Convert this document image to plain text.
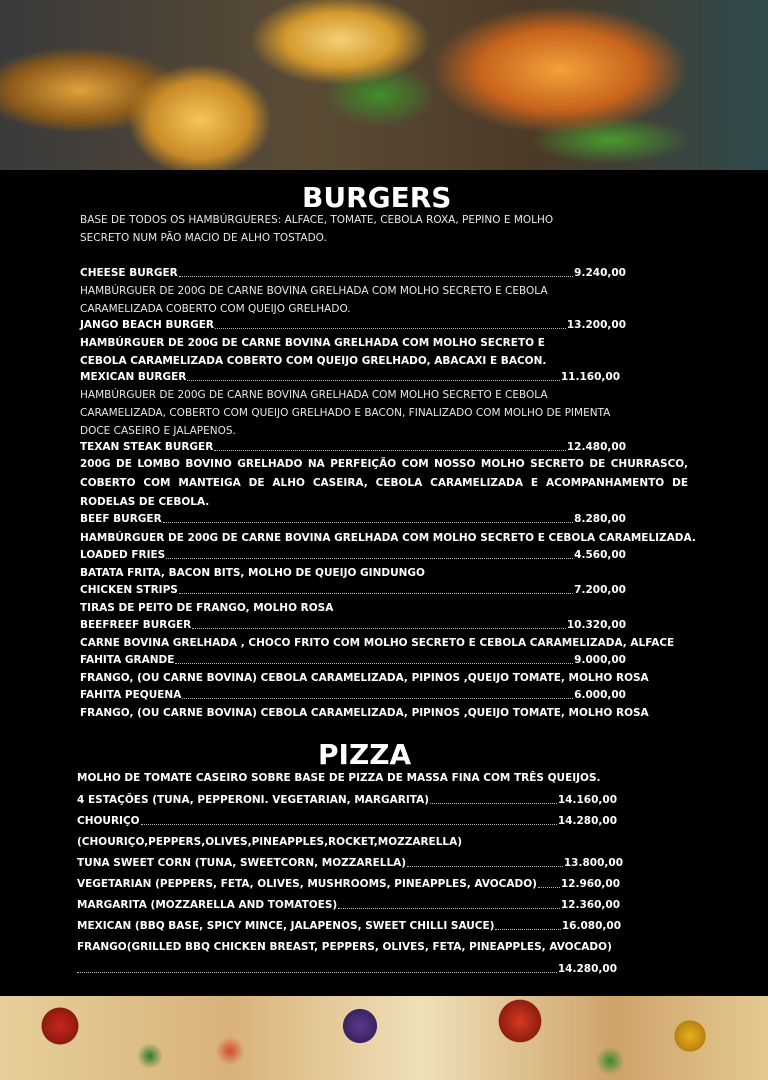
BURGERS
BASE DE TODOS OS HAMBÚRGUERES: ALFACE, TOMATE, CEBOLA ROXA, PEPINO E MOLHO SECRETO NUM PÃO MACIO DE ALHO TOSTADO.
CHEESE BURGER	9.240,00
HAMBÚRGUER DE 200G DE CARNE BOVINA GRELHADA COM MOLHO SECRETO E CEBOLA CARAMELIZADA COBERTO COM QUEIJO GRELHADO.
JANGO BEACH BURGER	13.200,00
HAMBÚRGUER DE 200G DE CARNE BOVINA GRELHADA COM MOLHO SECRETO E CEBOLA CARAMELIZADA COBERTO COM QUEIJO GRELHADO, ABACAXI E BACON.
MEXICAN BURGER	11.160,00
HAMBÚRGUER DE 200G DE CARNE BOVINA GRELHADA COM MOLHO SECRETO E CEBOLA CARAMELIZADA, COBERTO COM QUEIJO GRELHADO E BACON, FINALIZADO COM MOLHO DE PIMENTA DOCE CASEIRO E JALAPENOS.
TEXAN STEAK BURGER	12.480,00
200G DE LOMBO BOVINO GRELHADO NA PERFEIÇÃO COM NOSSO MOLHO SECRETO DE CHURRASCO, COBERTO COM MANTEIGA DE ALHO CASEIRA, CEBOLA CARAMELIZADA E ACOMPANHAMENTO DE RODELAS DE CEBOLA.
BEEF BURGER	8.280,00
HAMBÚRGUER DE 200G DE CARNE BOVINA GRELHADA COM MOLHO SECRETO E CEBOLA CARAMELIZADA.
LOADED FRIES	4.560,00
BATATA FRITA, BACON BITS, MOLHO DE QUEIJO GINDUNGO
CHICKEN STRIPS	7.200,00
TIRAS DE PEITO DE FRANGO, MOLHO ROSA
BEEFREEF BURGER	10.320,00
CARNE BOVINA GRELHADA , CHOCO FRITO COM MOLHO SECRETO E CEBOLA CARAMELIZADA, ALFACE
FAHITA GRANDE	9.000,00
FRANGO, (OU CARNE BOVINA) CEBOLA CARAMELIZADA, PIPINOS ,QUEIJO TOMATE, MOLHO ROSA
FAHITA PEQUENA	6.000,00
FRANGO, (OU CARNE BOVINA) CEBOLA CARAMELIZADA, PIPINOS ,QUEIJO TOMATE, MOLHO ROSA
PIZZA
MOLHO DE TOMATE CASEIRO SOBRE BASE DE PIZZA DE MASSA FINA COM TRÊS QUEIJOS.
4 ESTAÇÕES (TUNA, PEPPERONI. VEGETARIAN, MARGARITA)	14.160,00
CHOURIÇO	14.280,00
(CHOURIÇO,PEPPERS,OLIVES,PINEAPPLES,ROCKET,MOZZARELLA)
TUNA SWEET CORN (TUNA, SWEETCORN, MOZZARELLA)	13.800,00
VEGETARIAN (PEPPERS, FETA, OLIVES, MUSHROOMS, PINEAPPLES, AVOCADO) 12.960,00
MARGARITA (MOZZARELLA AND TOMATOES)	12.360,00
MEXICAN (BBQ BASE, SPICY MINCE, JALAPENOS, SWEET CHILLI SAUCE)	16.080,00
FRANGO(GRILLED BBQ CHICKEN BREAST, PEPPERS, OLIVES, FETA, PINEAPPLES, AVOCADO)
14.280,00
